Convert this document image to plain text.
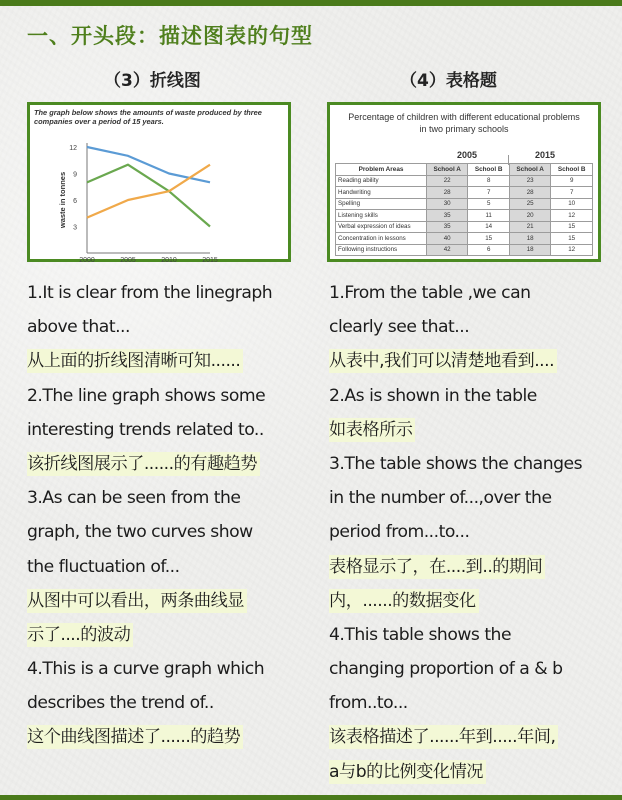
一、开头段：描述图表的句型
（3）折线图	（4）表格题
The graph below shows the amounts of waste produced by three companies over a period of 15 years.
3
6
9
12
2000	2005	2010	2015
waste in tonnes
Percentage of children with different educational problems
in two primary schools
2005	2015
Problem Areas	School A	School B	School A	School B
Reading ability	22	8	23	9
Handwriting	28	7	28	7
Spelling	30	5	25	10
Listening skills	35	11	20	12
Verbal expression of ideas	35	14	21	15
Concentration in lessons	40	15	18	15
Following instructions	42	6	18	12
1.It is clear from the linegraph
above that...
从上面的折线图清晰可知......
2.The line graph shows some
interesting trends related to..
该折线图展示了......的有趣趋势
3.As can be seen from the
graph, the two curves show
the fluctuation of...
从图中可以看出，两条曲线显
示了....的波动
4.This is a curve graph which
describes the trend of..
这个曲线图描述了......的趋势
1.From the table ,we can
clearly see that...
从表中,我们可以清楚地看到....
2.As is shown in the table
如表格所示
3.The table shows the changes
in the number of...,over the
period from...to...
表格显示了，在....到..的期间
内，......的数据变化
4.This table shows the
changing proportion of a & b
from..to...
该表格描述了......年到.....年间,
a与b的比例变化情况
